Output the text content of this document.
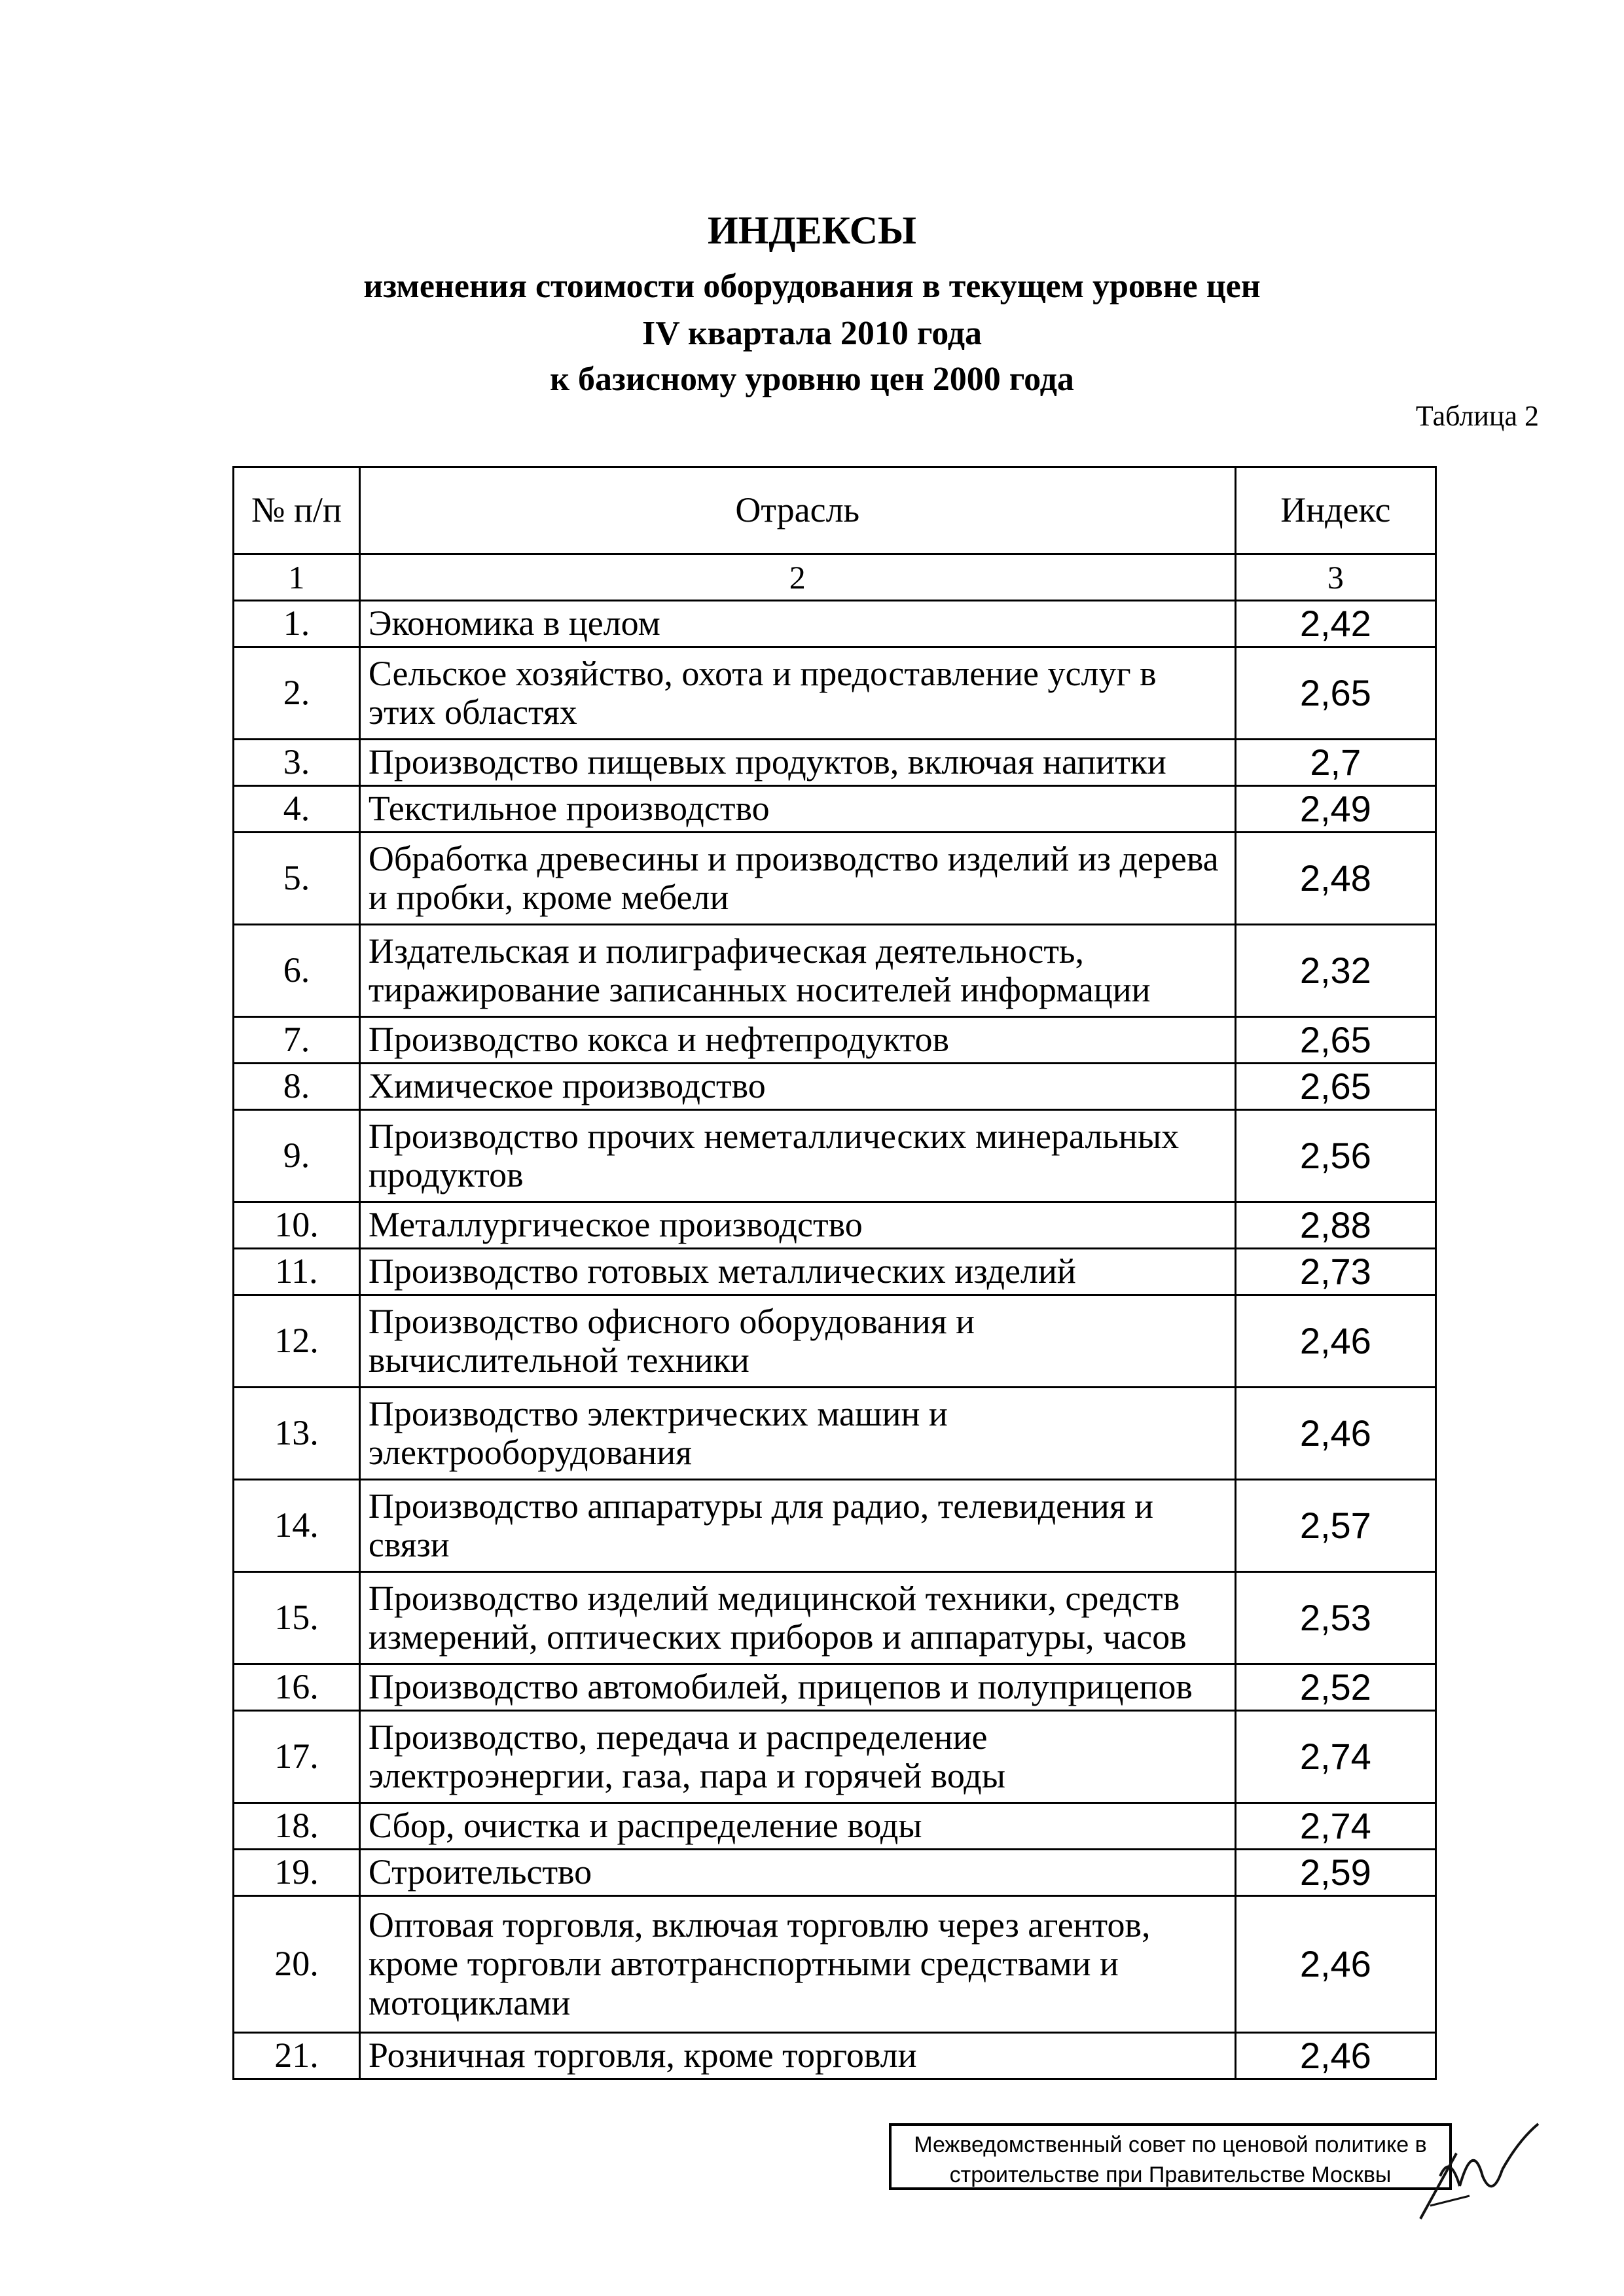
ИНДЕКСЫ
изменения стоимости оборудования в текущем уровне цен
IV квартала 2010 года
к базисному уровню цен 2000 года
Таблица 2
№ п/п	Отрасль	Индекс
1	2	3
1.	Экономика в целом	2,42
2.	Сельское хозяйство, охота и предоставление услуг в этих областях	2,65
3.	Производство пищевых продуктов, включая напитки	2,7
4.	Текстильное производство	2,49
5.	Обработка древесины и производство изделий из дерева и пробки, кроме мебели	2,48
6.	Издательская и полиграфическая деятельность, тиражирование записанных носителей информации	2,32
7.	Производство кокса и нефтепродуктов	2,65
8.	Химическое производство	2,65
9.	Производство прочих неметаллических минеральных продуктов	2,56
10.	Металлургическое производство	2,88
11.	Производство готовых металлических изделий	2,73
12.	Производство офисного оборудования и вычислительной техники	2,46
13.	Производство электрических машин и электрооборудования	2,46
14.	Производство аппаратуры для радио, телевидения и связи	2,57
15.	Производство изделий медицинской техники, средств измерений, оптических приборов и аппаратуры, часов	2,53
16.	Производство автомобилей, прицепов и полуприцепов	2,52
17.	Производство, передача и распределение электроэнергии, газа, пара и горячей воды	2,74
18.	Сбор, очистка и распределение воды	2,74
19.	Строительство	2,59
20.	Оптовая торговля, включая торговлю через агентов, кроме торговли автотранспортными средствами и мотоциклами	2,46
21.	Розничная торговля, кроме торговли	2,46
Межведомственный совет по ценовой политике в
строительстве при Правительстве Москвы
